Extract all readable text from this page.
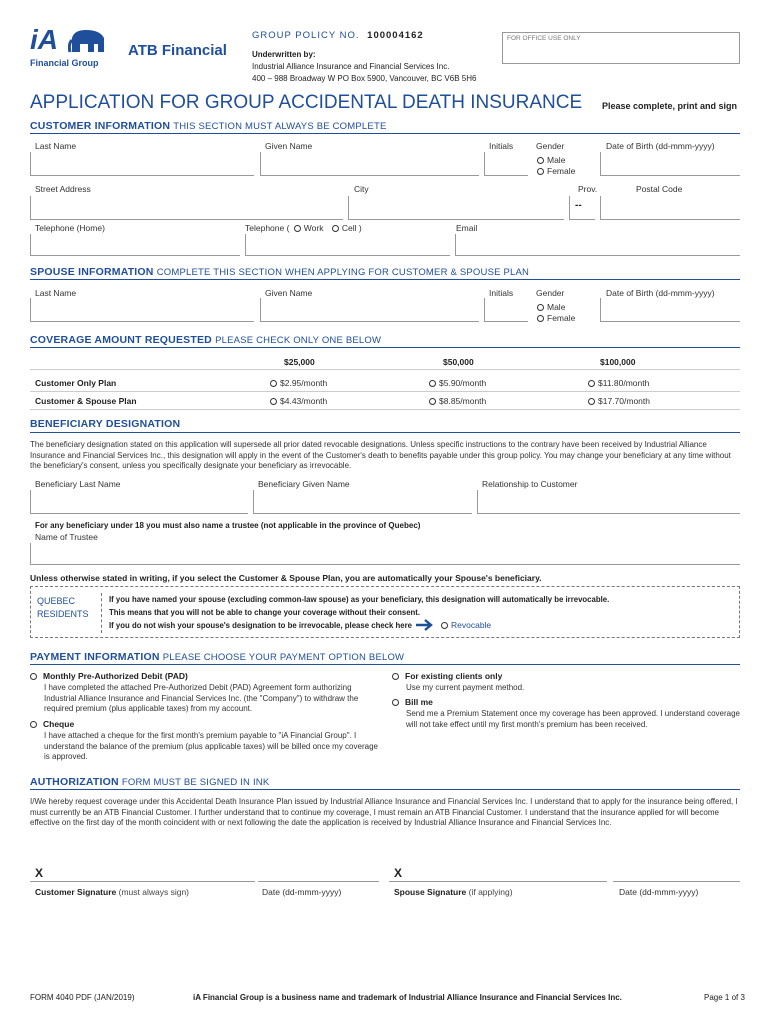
iA
Financial Group
ATB Financial
GROUP POLICY NO. 100004162
Underwritten by:
Industrial Alliance Insurance and Financial Services Inc.
400 – 988 Broadway W PO Box 5900, Vancouver, BC V6B 5H6
FOR OFFICE USE ONLY
APPLICATION FOR GROUP ACCIDENTAL DEATH INSURANCE Please complete, print and sign
CUSTOMER INFORMATION THIS SECTION MUST ALWAYS BE COMPLETE
Last Name	Given Name	Initials	Gender	Date of Birth (dd-mmm-yyyy)
Male
Female
Street Address	City	Prov.	Postal Code
--
Telephone (Home)	Telephone ( Work Cell )	Email
SPOUSE INFORMATION COMPLETE THIS SECTION WHEN APPLYING FOR CUSTOMER & SPOUSE PLAN
Last Name	Given Name	Initials	Gender	Date of Birth (dd-mmm-yyyy)
Male
Female
COVERAGE AMOUNT REQUESTED PLEASE CHECK ONLY ONE BELOW
$25,000	$50,000	$100,000
Customer Only Plan	$2.95/month	$5.90/month	$11.80/month
Customer & Spouse Plan	$4.43/month	$8.85/month	$17.70/month
BENEFICIARY DESIGNATION
The beneficiary designation stated on this application will supersede all prior dated revocable designations. Unless specific instructions to the contrary have been received by Industrial Alliance Insurance and Financial Services Inc., this designation will apply in the event of the Customer's death to benefits payable under this group policy. You may change your beneficiary at any time without the beneficiary's consent, unless you specifically designate your beneficiary as irrevocable.
Beneficiary Last Name	Beneficiary Given Name	Relationship to Customer
For any beneficiary under 18 you must also name a trustee (not applicable in the province of Quebec)
Name of Trustee
Unless otherwise stated in writing, if you select the Customer & Spouse Plan, you are automatically your Spouse's beneficiary.
QUEBEC
RESIDENTS
If you have named your spouse (excluding common-law spouse) as your beneficiary, this designation will automatically be irrevocable.
This means that you will not be able to change your coverage without their consent.
If you do not wish your spouse's designation to be irrevocable, please check here	Revocable
PAYMENT INFORMATION PLEASE CHOOSE YOUR PAYMENT OPTION BELOW
Monthly Pre-Authorized Debit (PAD)
I have completed the attached Pre-Authorized Debit (PAD) Agreement form authorizing Industrial Alliance Insurance and Financial Services Inc. (the "Company") to withdraw the required premium (plus applicable taxes) from my account.
Cheque
I have attached a cheque for the first month's premium payable to "iA Financial Group". I understand the balance of the premium (plus applicable taxes) will be billed once my coverage is approved.
For existing clients only
Use my current payment method.
Bill me
Send me a Premium Statement once my coverage has been approved. I understand coverage will not take effect until my first month's premium has been received.
AUTHORIZATION FORM MUST BE SIGNED IN INK
I/We hereby request coverage under this Accidental Death Insurance Plan issued by Industrial Alliance Insurance and Financial Services Inc. I understand that to apply for the insurance being offered, I must currently be an ATB Financial Customer. I further understand that to continue my coverage, I must remain an ATB Financial Customer. I understand that the insurance applied for will become effective on the first day of the month coincident with or next following the date the application is received by Industrial Alliance Insurance and Financial Services Inc.
X	X
Customer Signature (must always sign)	Date (dd-mmm-yyyy)	Spouse Signature (if applying)	Date (dd-mmm-yyyy)
FORM 4040 PDF (JAN/2019)	iA Financial Group is a business name and trademark of Industrial Alliance Insurance and Financial Services Inc.	Page 1 of 3
